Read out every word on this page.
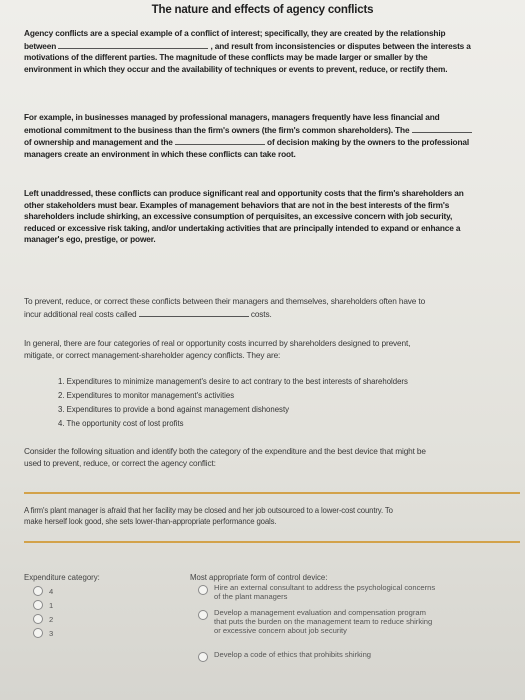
The nature and effects of agency conflicts
Agency conflicts are a special example of a conflict of interest; specifically, they are created by the relationship
between	, and result from inconsistencies or disputes between the interests a
motivations of the different parties. The magnitude of these conflicts may be made larger or smaller by the
environment in which they occur and the availability of techniques or events to prevent, reduce, or rectify them.
For example, in businesses managed by professional managers, managers frequently have less financial and
emotional commitment to the business than the firm's owners (the firm's common shareholders). The
of ownership and management and the	of decision making by the owners to the professional
managers create an environment in which these conflicts can take root.
Left unaddressed, these conflicts can produce significant real and opportunity costs that the firm's shareholders an
other stakeholders must bear. Examples of management behaviors that are not in the best interests of the firm's
shareholders include shirking, an excessive consumption of perquisites, an excessive concern with job security,
reduced or excessive risk taking, and/or undertaking activities that are principally intended to expand or enhance a
manager's ego, prestige, or power.
To prevent, reduce, or correct these conflicts between their managers and themselves, shareholders often have to
incur additional real costs called	costs.
In general, there are four categories of real or opportunity costs incurred by shareholders designed to prevent,
mitigate, or correct management-shareholder agency conflicts. They are:
1. Expenditures to minimize management's desire to act contrary to the best interests of shareholders
2. Expenditures to monitor management's activities
3. Expenditures to provide a bond against management dishonesty
4. The opportunity cost of lost profits
Consider the following situation and identify both the category of the expenditure and the best device that might be
used to prevent, reduce, or correct the agency conflict:
A firm's plant manager is afraid that her facility may be closed and her job outsourced to a lower-cost country. To
make herself look good, she sets lower-than-appropriate performance goals.
Expenditure category:
4
1
2
3
Most appropriate form of control device:
Hire an external consultant to address the psychological concerns
of the plant managers
Develop a management evaluation and compensation program
that puts the burden on the management team to reduce shirking
or excessive concern about job security
Develop a code of ethics that prohibits shirking
